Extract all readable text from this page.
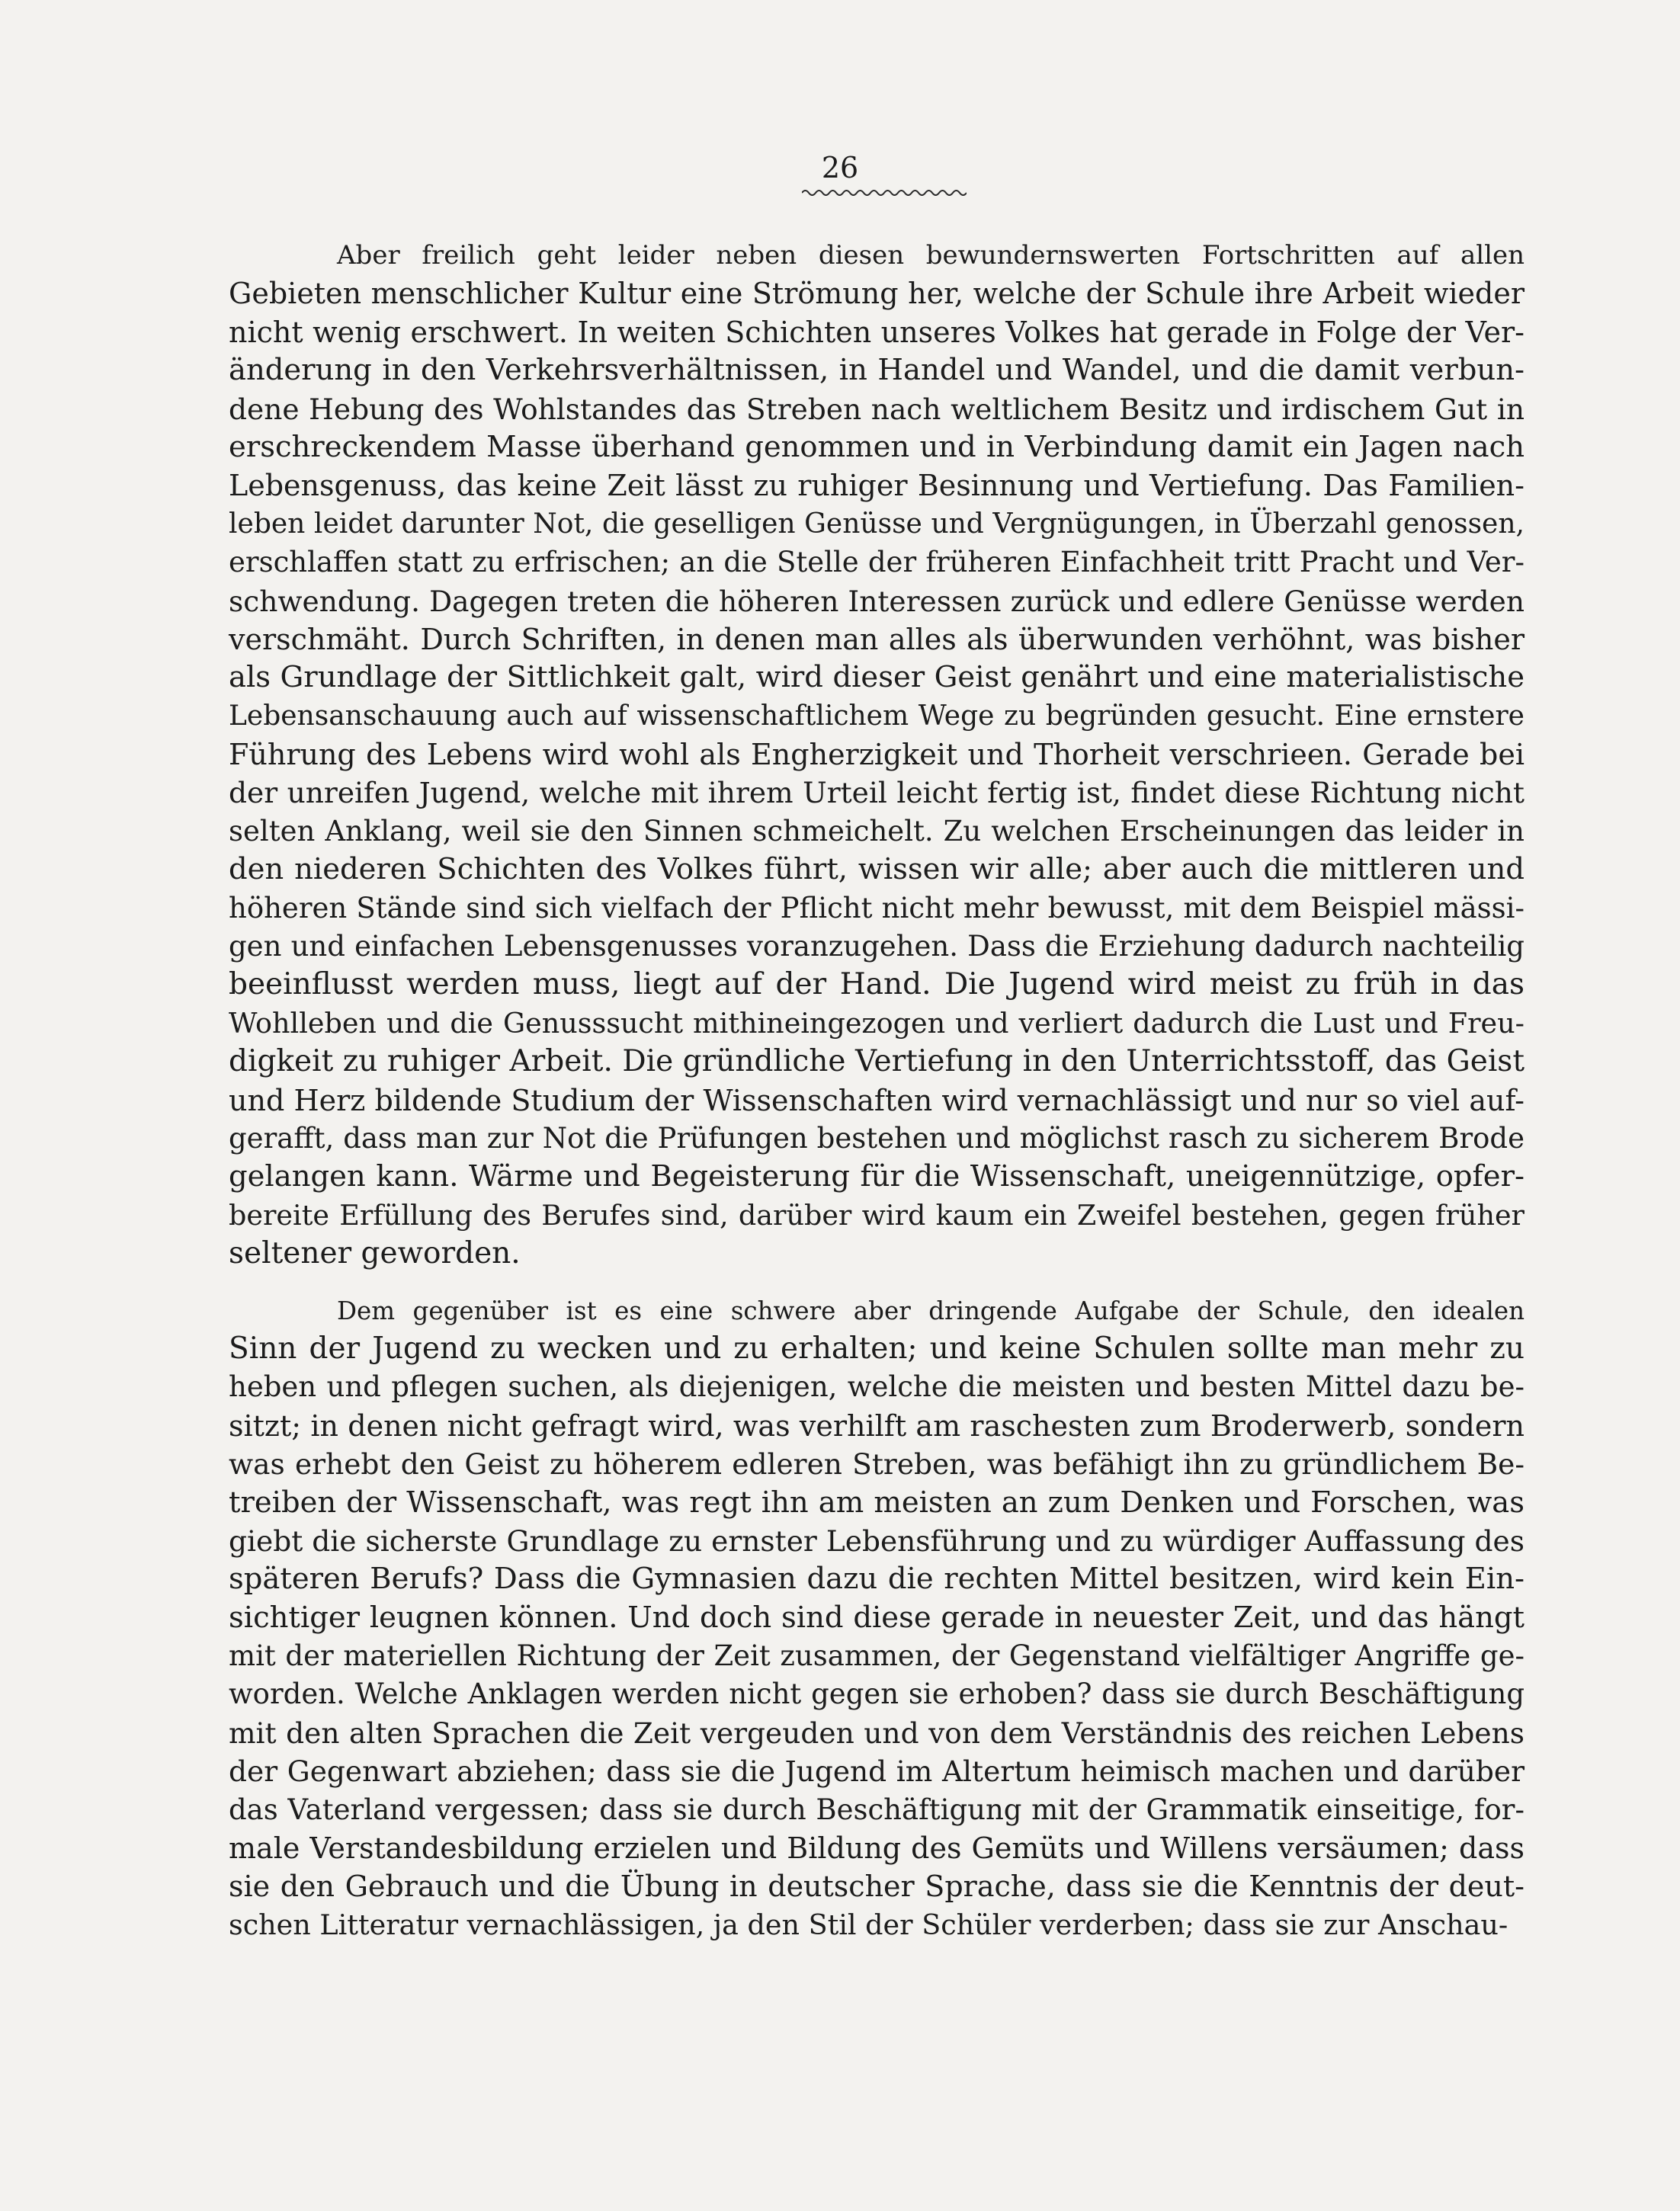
26
Aber freilich geht leider neben diesen bewundernswerten Fortschritten auf allen
Gebieten menschlicher Kultur eine Strömung her, welche der Schule ihre Arbeit wieder
nicht wenig erschwert. In weiten Schichten unseres Volkes hat gerade in Folge der Ver-
änderung in den Verkehrsverhältnissen, in Handel und Wandel, und die damit verbun-
dene Hebung des Wohlstandes das Streben nach weltlichem Besitz und irdischem Gut in
erschreckendem Masse überhand genommen und in Verbindung damit ein Jagen nach
Lebensgenuss, das keine Zeit lässt zu ruhiger Besinnung und Vertiefung. Das Familien-
leben leidet darunter Not, die geselligen Genüsse und Vergnügungen, in Überzahl genossen,
erschlaffen statt zu erfrischen; an die Stelle der früheren Einfachheit tritt Pracht und Ver-
schwendung. Dagegen treten die höheren Interessen zurück und edlere Genüsse werden
verschmäht. Durch Schriften, in denen man alles als überwunden verhöhnt, was bisher
als Grundlage der Sittlichkeit galt, wird dieser Geist genährt und eine materialistische
Lebensanschauung auch auf wissenschaftlichem Wege zu begründen gesucht. Eine ernstere
Führung des Lebens wird wohl als Engherzigkeit und Thorheit verschrieen. Gerade bei
der unreifen Jugend, welche mit ihrem Urteil leicht fertig ist, findet diese Richtung nicht
selten Anklang, weil sie den Sinnen schmeichelt. Zu welchen Erscheinungen das leider in
den niederen Schichten des Volkes führt, wissen wir alle; aber auch die mittleren und
höheren Stände sind sich vielfach der Pflicht nicht mehr bewusst, mit dem Beispiel mässi-
gen und einfachen Lebensgenusses voranzugehen. Dass die Erziehung dadurch nachteilig
beeinflusst werden muss, liegt auf der Hand. Die Jugend wird meist zu früh in das
Wohlleben und die Genusssucht mithineingezogen und verliert dadurch die Lust und Freu-
digkeit zu ruhiger Arbeit. Die gründliche Vertiefung in den Unterrichtsstoff, das Geist
und Herz bildende Studium der Wissenschaften wird vernachlässigt und nur so viel auf-
gerafft, dass man zur Not die Prüfungen bestehen und möglichst rasch zu sicherem Brode
gelangen kann. Wärme und Begeisterung für die Wissenschaft, uneigennützige, opfer-
bereite Erfüllung des Berufes sind, darüber wird kaum ein Zweifel bestehen, gegen früher
seltener geworden.
Dem gegenüber ist es eine schwere aber dringende Aufgabe der Schule, den idealen
Sinn der Jugend zu wecken und zu erhalten; und keine Schulen sollte man mehr zu
heben und pflegen suchen, als diejenigen, welche die meisten und besten Mittel dazu be-
sitzt; in denen nicht gefragt wird, was verhilft am raschesten zum Broderwerb, sondern
was erhebt den Geist zu höherem edleren Streben, was befähigt ihn zu gründlichem Be-
treiben der Wissenschaft, was regt ihn am meisten an zum Denken und Forschen, was
giebt die sicherste Grundlage zu ernster Lebensführung und zu würdiger Auffassung des
späteren Berufs? Dass die Gymnasien dazu die rechten Mittel besitzen, wird kein Ein-
sichtiger leugnen können. Und doch sind diese gerade in neuester Zeit, und das hängt
mit der materiellen Richtung der Zeit zusammen, der Gegenstand vielfältiger Angriffe ge-
worden. Welche Anklagen werden nicht gegen sie erhoben? dass sie durch Beschäftigung
mit den alten Sprachen die Zeit vergeuden und von dem Verständnis des reichen Lebens
der Gegenwart abziehen; dass sie die Jugend im Altertum heimisch machen und darüber
das Vaterland vergessen; dass sie durch Beschäftigung mit der Grammatik einseitige, for-
male Verstandesbildung erzielen und Bildung des Gemüts und Willens versäumen; dass
sie den Gebrauch und die Übung in deutscher Sprache, dass sie die Kenntnis der deut-
schen Litteratur vernachlässigen, ja den Stil der Schüler verderben; dass sie zur Anschau-
